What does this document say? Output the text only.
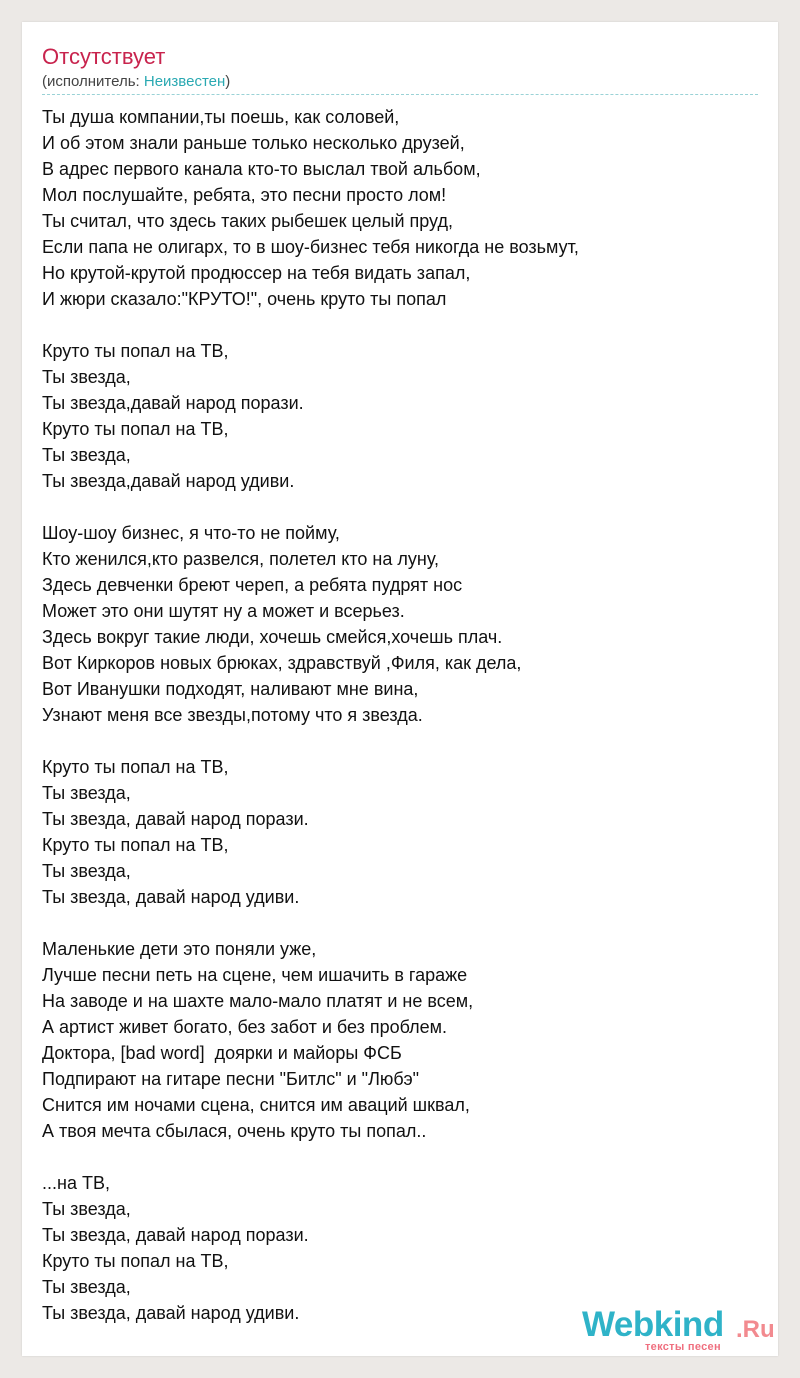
Отсутствует
(исполнитель: Неизвестен)
Ты душа компании,ты поешь, как соловей,
И об этом знали раньше только несколько друзей,
В адрес первого канала кто-то выслал твой альбом,
Мол послушайте, ребята, это песни просто лом!
Ты считал, что здесь таких рыбешек целый пруд,
Если папа не олигарх, то в шоу-бизнес тебя никогда не возьмут,
Но крутой-крутой продюссер на тебя видать запал,
И жюри сказало:"КРУТО!", очень круто ты попал
Круто ты попал на ТВ,
Ты звезда,
Ты звезда,давай народ порази.
Круто ты попал на ТВ,
Ты звезда,
Ты звезда,давай народ удиви.
Шоу-шоу бизнес, я что-то не пойму,
Кто женился,кто развелся, полетел кто на луну,
Здесь девченки бреют череп, а ребята пудрят нос
Может это они шутят ну а может и всерьез.
Здесь вокруг такие люди, хочешь смейся,хочешь плач.
Вот Киркоров новых брюках, здравствуй ,Филя, как дела,
Вот Иванушки подходят, наливают мне вина,
Узнают меня все звезды,потому что я звезда.
Круто ты попал на ТВ,
Ты звезда,
Ты звезда, давай народ порази.
Круто ты попал на ТВ,
Ты звезда,
Ты звезда, давай народ удиви.
Маленькие дети это поняли уже,
Лучше песни петь на сцене, чем ишачить в гараже
На заводе и на шахте мало-мало платят и не всем,
А артист живет богато, без забот и без проблем.
Доктора, [bad word]  доярки и майоры ФСБ
Подпирают на гитаре песни "Битлс" и "Любэ"
Снится им ночами сцена, снится им аваций шквал,
А твоя мечта сбылася, очень круто ты попал..
...на ТВ,
Ты звезда,
Ты звезда, давай народ порази.
Круто ты попал на ТВ,
Ты звезда,
Ты звезда, давай народ удиви.	Webkind .Ru
тексты песен
